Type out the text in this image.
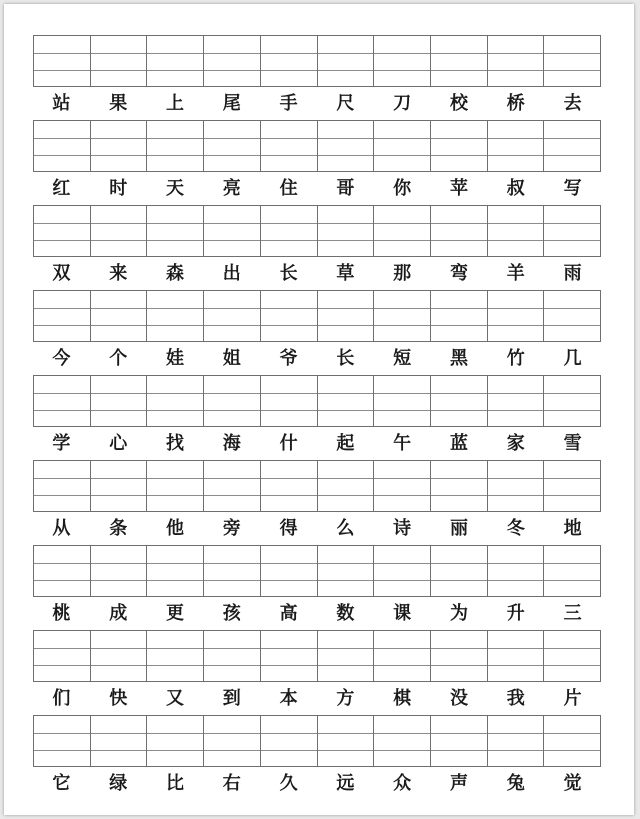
站	果	上	尾	手	尺	刀	校	桥	去
红	时	天	亮	住	哥	你	苹	叔	写
双	来	森	出	长	草	那	弯	羊	雨
今	个	娃	姐	爷	长	短	黑	竹	几
学	心	找	海	什	起	午	蓝	家	雪
从	条	他	旁	得	么	诗	丽	冬	地
桃	成	更	孩	高	数	课	为	升	三
们	快	又	到	本	方	棋	没	我	片
它	绿	比	右	久	远	众	声	兔	觉
